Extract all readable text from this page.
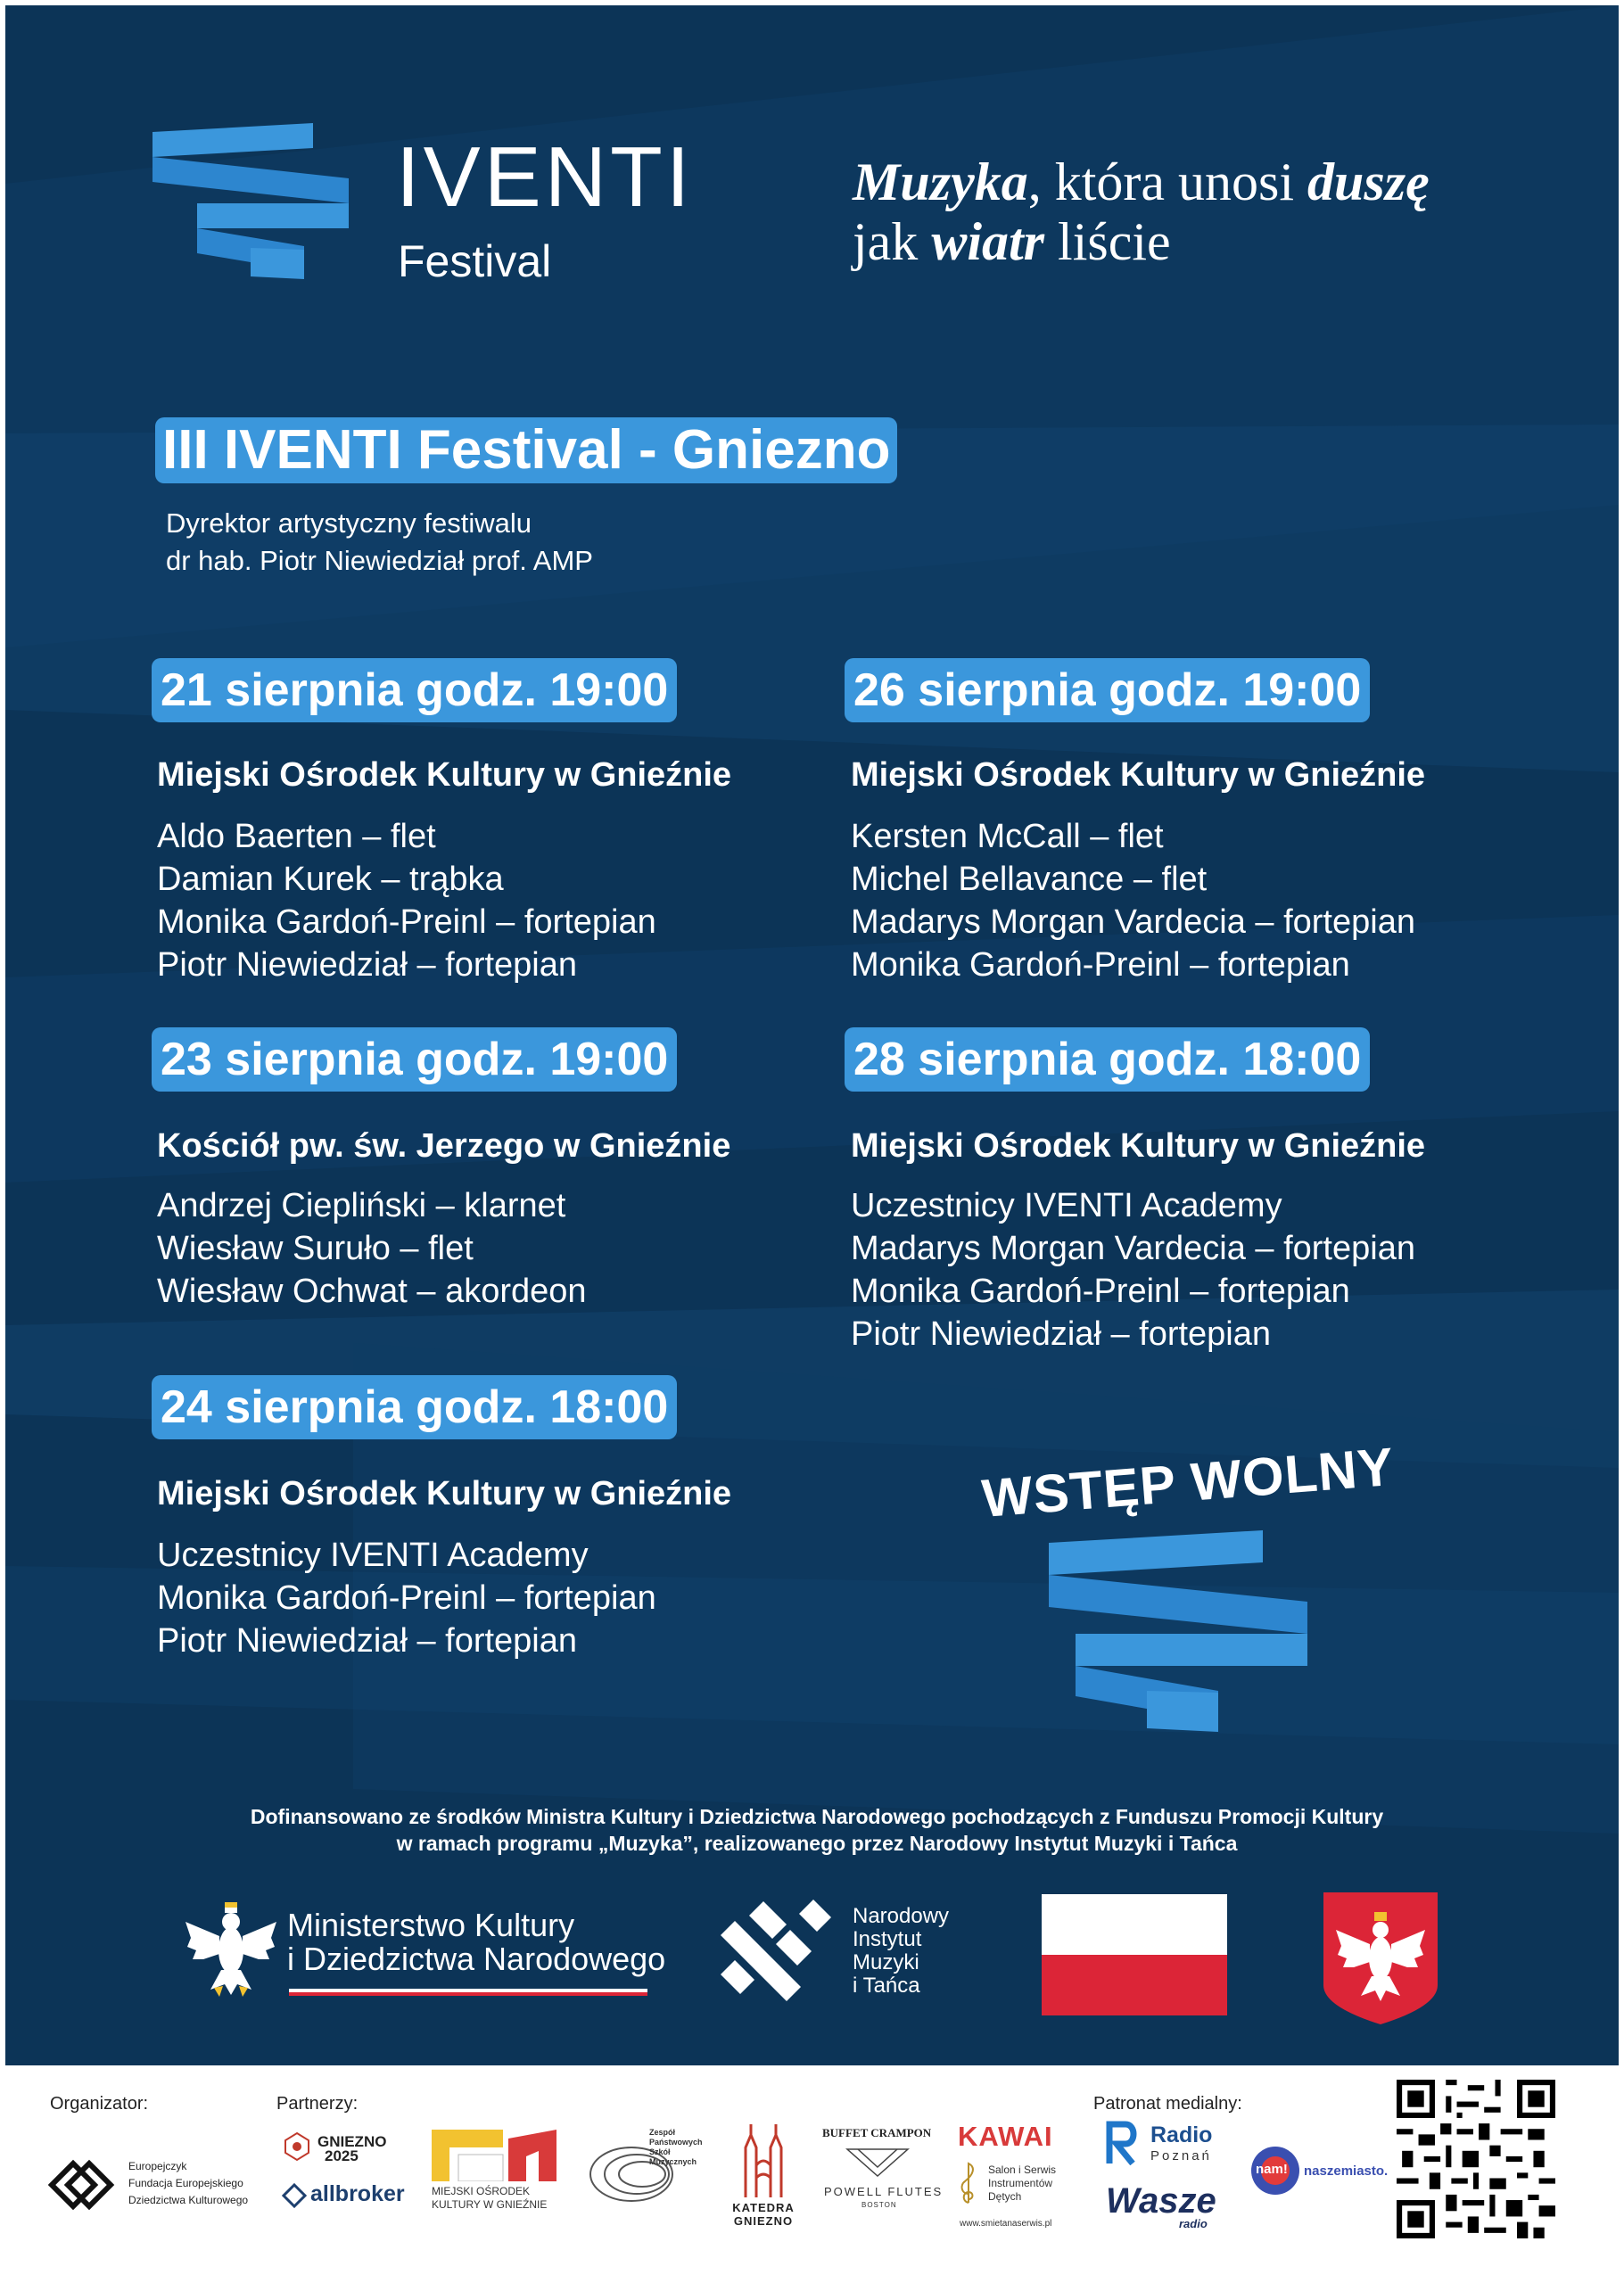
IVENTI
Festival
Muzyka, która unosi duszę
jak wiatr liście
III IVENTI Festival - Gniezno
Dyrektor artystyczny festiwalu
dr hab. Piotr Niewiedział prof. AMP
21 sierpnia godz. 19:00
Miejski Ośrodek Kultury w Gnieźnie
Aldo Baerten – flet
Damian Kurek – trąbka
Monika Gardoń-Preinl – fortepian
Piotr Niewiedział – fortepian
23 sierpnia godz. 19:00
Kościół pw. św. Jerzego w Gnieźnie
Andrzej Ciepliński – klarnet
Wiesław Suruło – flet
Wiesław Ochwat – akordeon
24 sierpnia godz. 18:00
Miejski Ośrodek Kultury w Gnieźnie
Uczestnicy IVENTI Academy
Monika Gardoń-Preinl – fortepian
Piotr Niewiedział – fortepian
26 sierpnia godz. 19:00
Miejski Ośrodek Kultury w Gnieźnie
Kersten McCall – flet
Michel Bellavance – flet
Madarys Morgan Vardecia – fortepian
Monika Gardoń-Preinl – fortepian
28 sierpnia godz. 18:00
Miejski Ośrodek Kultury w Gnieźnie
Uczestnicy IVENTI Academy
Madarys Morgan Vardecia – fortepian
Monika Gardoń-Preinl – fortepian
Piotr Niewiedział – fortepian
WSTĘP WOLNY
Dofinansowano ze środków Ministra Kultury i Dziedzictwa Narodowego pochodzących z Funduszu Promocji Kultury
w ramach programu „Muzyka”, realizowanego przez Narodowy Instytut Muzyki i Tańca
Ministerstwo Kultury
i Dziedzictwa Narodowego
Narodowy
Instytut
Muzyki
i Tańca
Organizator:
Europejczyk
Fundacja Europejskiego
Dziedzictwa Kulturowego
Partnerzy:
GNIEZNO
2025
allbroker	MIEJSKI OŚRODEK
KULTURY W GNIEŹNIE
Zespół
Państwowych
Szkół
Muzycznych
KATEDRA
GNIEZNO
BUFFET CRAMPON
POWELL FLUTES
BOSTON
KAWAI
Salon i Serwis
Instrumentów
Dętych
www.smietanaserwis.pl
Patronat medialny:
Radio
Poznań
Wasze
radio
nam! naszemiasto.
